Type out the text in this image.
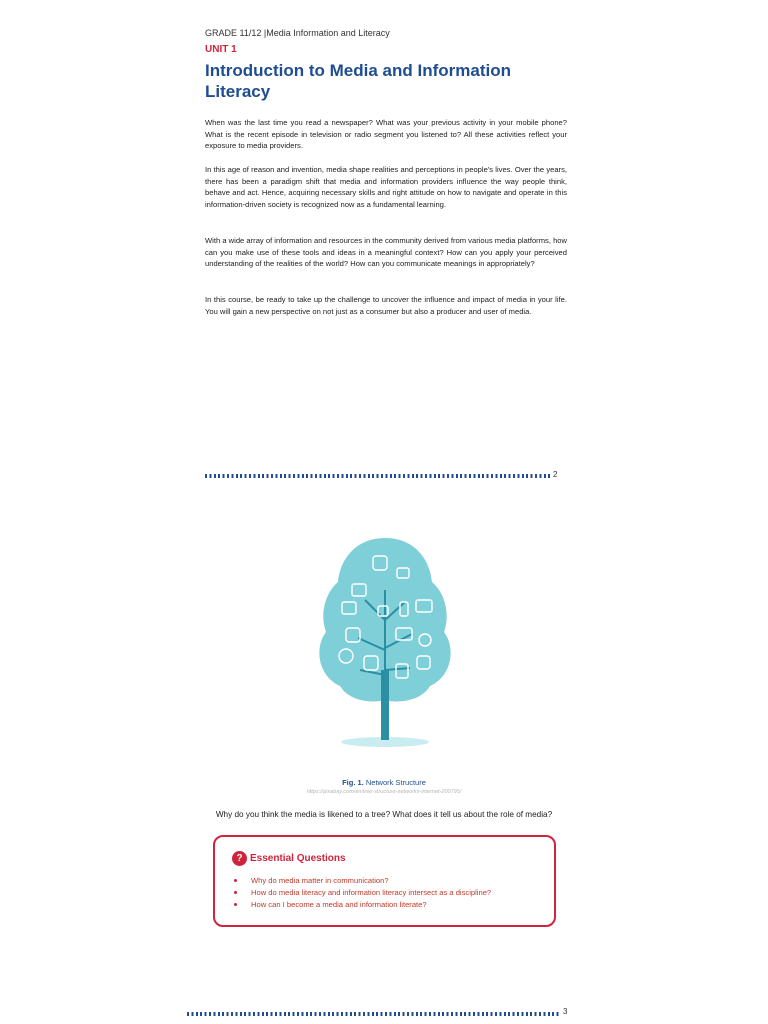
GRADE 11/12 |Media Information and Literacy
UNIT 1
Introduction to Media and Information Literacy

When was the last time you read a newspaper? What was your previous activity in your mobile phone? What is the recent episode in television or radio segment you listened to? All these activities reflect your exposure to media providers.

In this age of reason and invention, media shape realities and perceptions in people's lives. Over the years, there has been a paradigm shift that media and information providers influence the way people think, behave and act. Hence, acquiring necessary skills and right attitude on how to navigate and operate in this information-driven society is recognized now as a fundamental learning.

With a wide array of information and resources in the community derived from various media platforms, how can you make use of these tools and ideas in a meaningful context? How can you apply your perceived understanding of the realities of the world? How can you communicate meanings in appropriately?

In this course, be ready to take up the challenge to uncover the influence and impact of media in your life. You will gain a new perspective on not just as a consumer but also a producer and user of media.

2
Fig. 1. Network Structure
https://pixabay.com/en/tree-structure-networks-internet-200795/
Why do you think the media is likened to a tree? What does it tell us about the role of media?
? Essential Questions
Why do media matter in communication?
How do media literacy and information literacy intersect as a discipline?
How can I become a media and information literate?
3
